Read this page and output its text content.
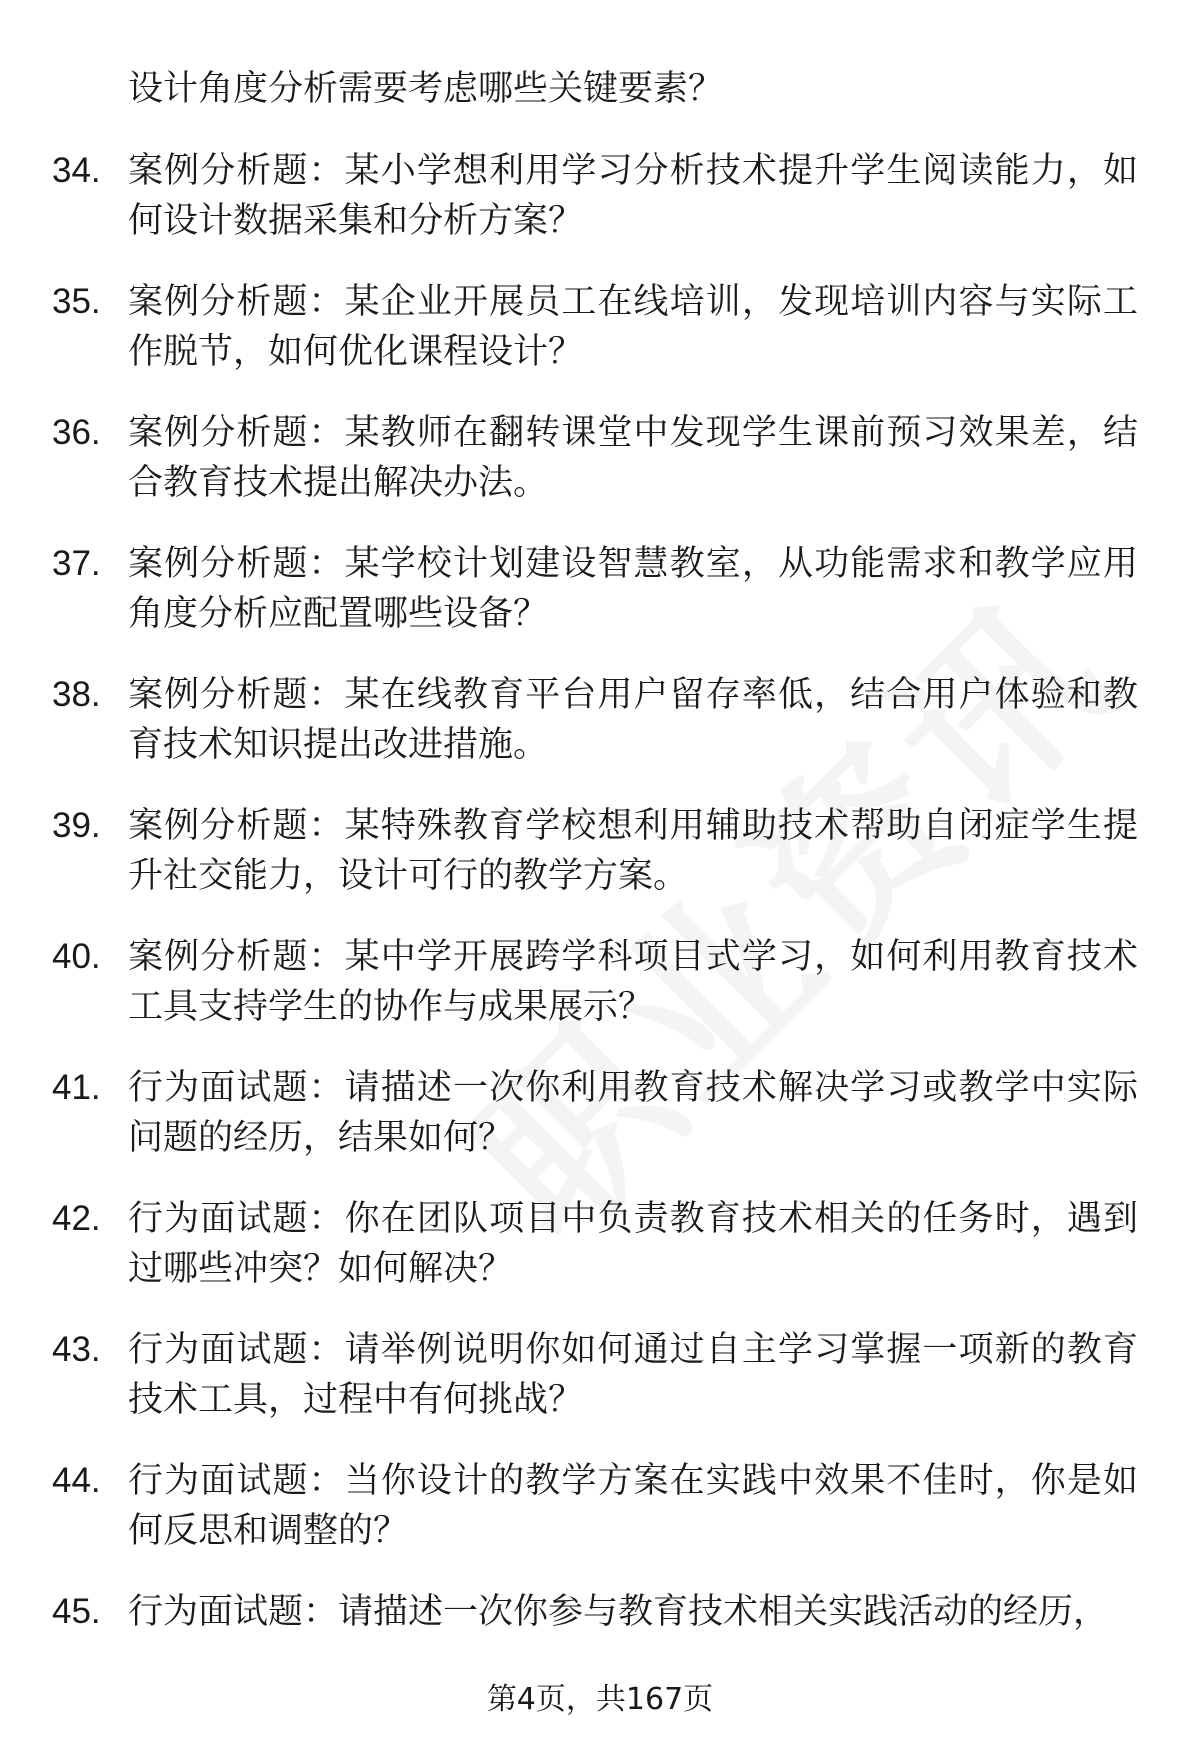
设计角度分析需要考虑哪些关键要素？
34. 案例分析题：某小学想利用学习分析技术提升学生阅读能力，如何设计数据采集和分析方案？
35. 案例分析题：某企业开展员工在线培训，发现培训内容与实际工作脱节，如何优化课程设计？
36. 案例分析题：某教师在翻转课堂中发现学生课前预习效果差，结合教育技术提出解决办法。
37. 案例分析题：某学校计划建设智慧教室，从功能需求和教学应用角度分析应配置哪些设备？
38. 案例分析题：某在线教育平台用户留存率低，结合用户体验和教育技术知识提出改进措施。
39. 案例分析题：某特殊教育学校想利用辅助技术帮助自闭症学生提升社交能力，设计可行的教学方案。
40. 案例分析题：某中学开展跨学科项目式学习，如何利用教育技术工具支持学生的协作与成果展示？
41. 行为面试题：请描述一次你利用教育技术解决学习或教学中实际问题的经历，结果如何？
42. 行为面试题：你在团队项目中负责教育技术相关的任务时，遇到过哪些冲突？如何解决？
43. 行为面试题：请举例说明你如何通过自主学习掌握一项新的教育技术工具，过程中有何挑战？
44. 行为面试题：当你设计的教学方案在实践中效果不佳时，你是如何反思和调整的？
45. 行为面试题：请描述一次你参与教育技术相关实践活动的经历，
第4页，共167页
